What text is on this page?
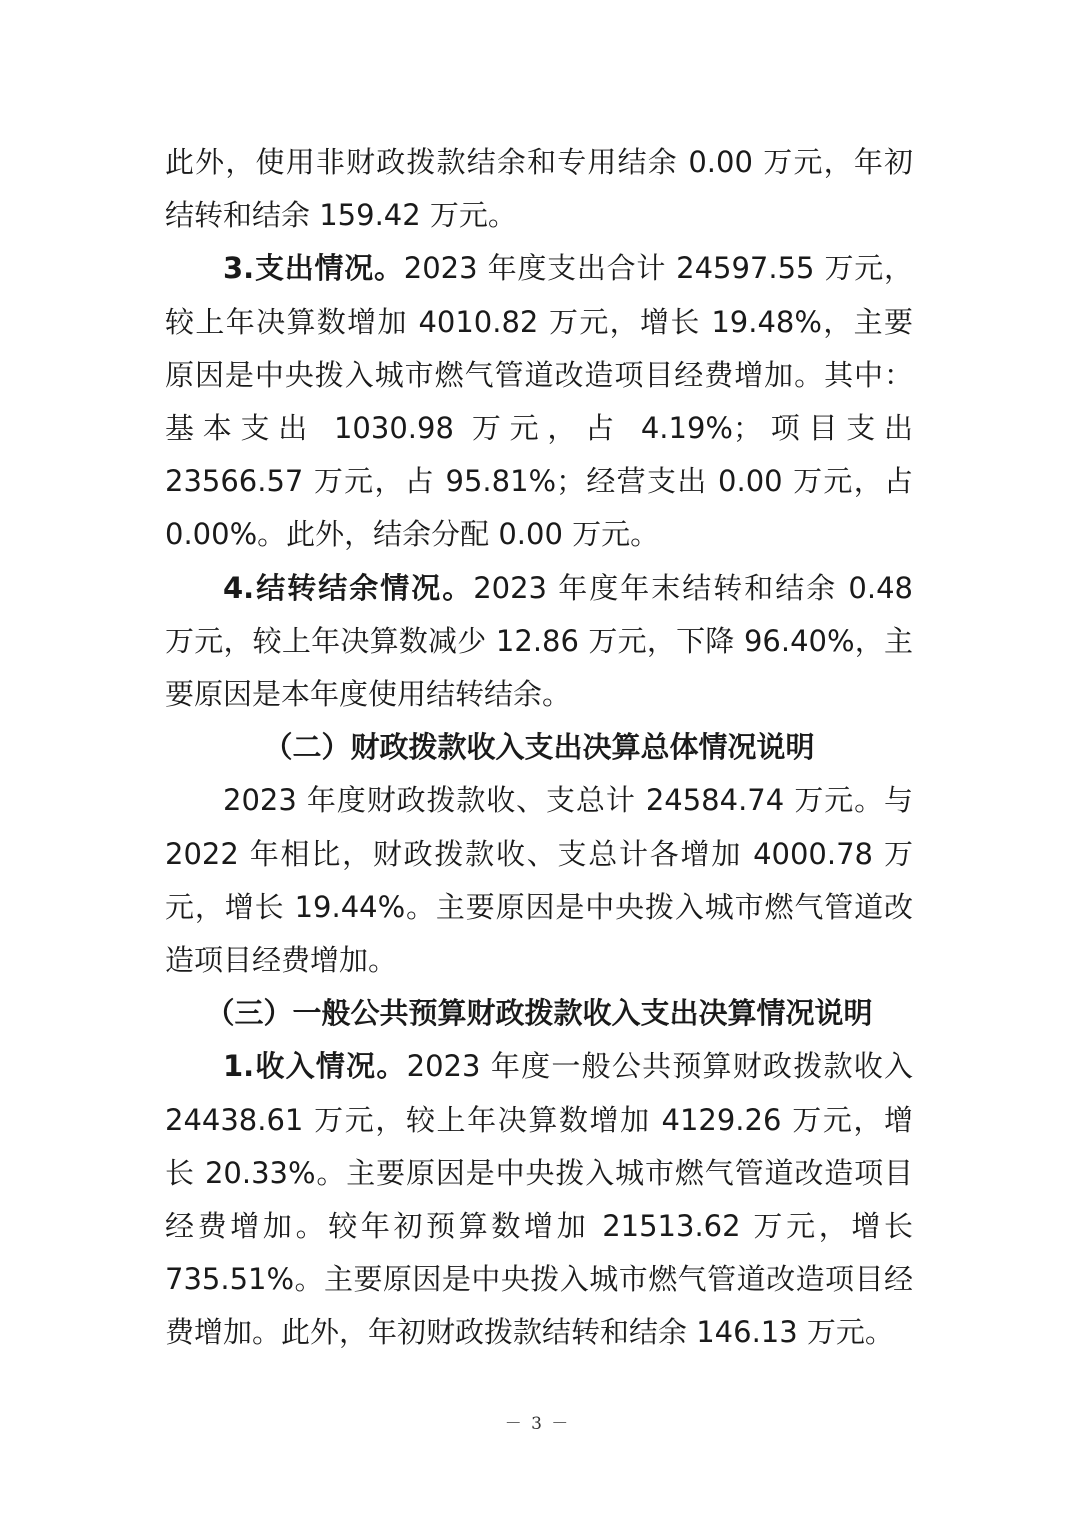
此外，使用非财政拨款结余和专用结余 0.00 万元，年初结转和结余 159.42 万元。

3.支出情况。2023 年度支出合计 24597.55 万元，较上年决算数增加 4010.82 万元，增长 19.48%，主要原因是中央拨入城市燃气管道改造项目经费增加。其中：基本支出 1030.98 万元，占 4.19%；项目支出 23566.57 万元，占 95.81%；经营支出 0.00 万元，占 0.00%。此外，结余分配 0.00 万元。

4.结转结余情况。2023 年度年末结转和结余 0.48 万元，较上年决算数减少 12.86 万元，下降 96.40%，主要原因是本年度使用结转结余。

（二）财政拨款收入支出决算总体情况说明

2023 年度财政拨款收、支总计 24584.74 万元。与 2022 年相比，财政拨款收、支总计各增加 4000.78 万元，增长 19.44%。主要原因是中央拨入城市燃气管道改造项目经费增加。

（三）一般公共预算财政拨款收入支出决算情况说明

1.收入情况。2023 年度一般公共预算财政拨款收入 24438.61 万元，较上年决算数增加 4129.26 万元，增长 20.33%。主要原因是中央拨入城市燃气管道改造项目经费增加。较年初预算数增加 21513.62 万元，增长 735.51%。主要原因是中央拨入城市燃气管道改造项目经费增加。此外，年初财政拨款结转和结余 146.13 万元。

－ 3 －
